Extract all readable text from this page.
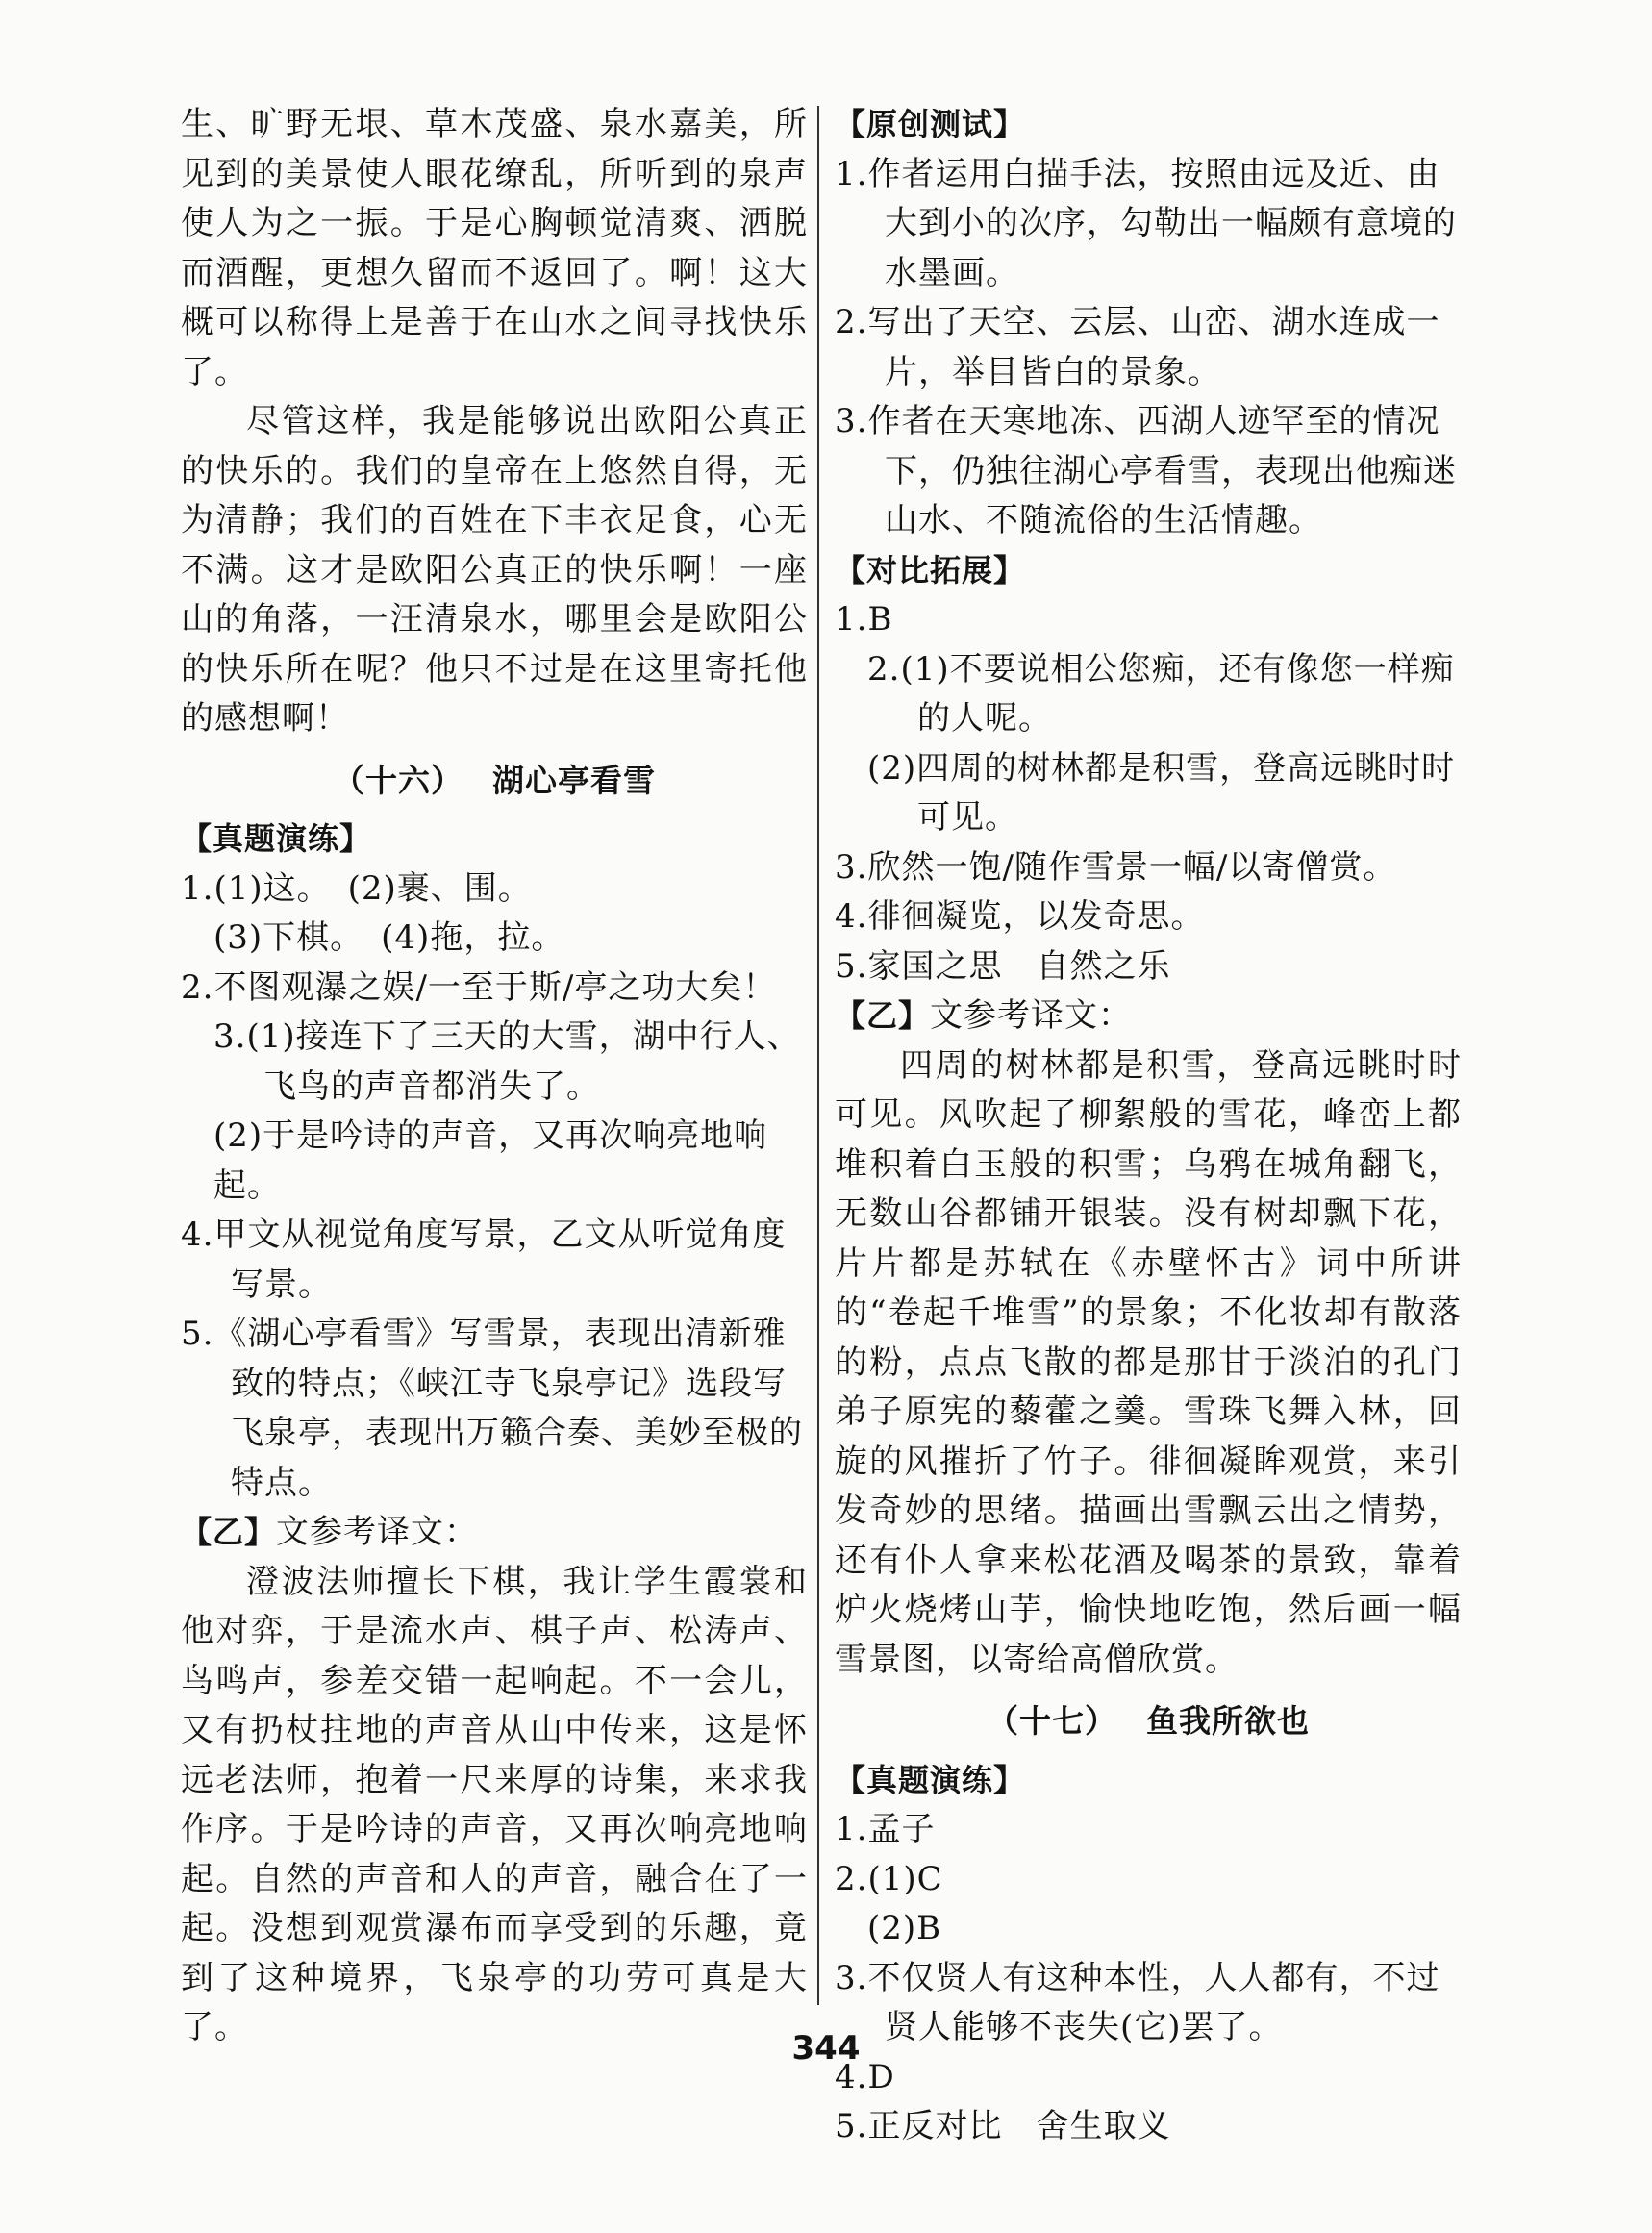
生、旷野无垠、草木茂盛、泉水嘉美，所见到的美景使人眼花缭乱，所听到的泉声使人为之一振。于是心胸顿觉清爽、洒脱而酒醒，更想久留而不返回了。啊！这大概可以称得上是善于在山水之间寻找快乐了。

尽管这样，我是能够说出欧阳公真正的快乐的。我们的皇帝在上悠然自得，无为清静；我们的百姓在下丰衣足食，心无不满。这才是欧阳公真正的快乐啊！一座山的角落，一汪清泉水，哪里会是欧阳公的快乐所在呢？他只不过是在这里寄托他的感想啊！

（十六） 湖心亭看雪
【真题演练】

1.(1)这。　(2)裹、围。

(3)下棋。　(4)拖，拉。

2.不图观瀑之娱/一至于斯/亭之功大矣！

3.(1)接连下了三天的大雪，湖中行人、飞鸟的声音都消失了。

(2)于是吟诗的声音，又再次响亮地响起。

4.甲文从视觉角度写景，乙文从听觉角度写景。

5.《湖心亭看雪》写雪景，表现出清新雅致的特点；《峡江寺飞泉亭记》选段写飞泉亭，表现出万籁合奏、美妙至极的特点。

【乙】文参考译文：

澄波法师擅长下棋，我让学生霞裳和他对弈，于是流水声、棋子声、松涛声、鸟鸣声，参差交错一起响起。不一会儿，又有扔杖拄地的声音从山中传来，这是怀远老法师，抱着一尺来厚的诗集，来求我作序。于是吟诗的声音，又再次响亮地响起。自然的声音和人的声音，融合在了一起。没想到观赏瀑布而享受到的乐趣，竟到了这种境界，飞泉亭的功劳可真是大了。

【原创测试】

1.作者运用白描手法，按照由远及近、由大到小的次序，勾勒出一幅颇有意境的水墨画。

2.写出了天空、云层、山峦、湖水连成一片，举目皆白的景象。

3.作者在天寒地冻、西湖人迹罕至的情况下，仍独往湖心亭看雪，表现出他痴迷山水、不随流俗的生活情趣。

【对比拓展】

1.B

2.(1)不要说相公您痴，还有像您一样痴的人呢。

(2)四周的树林都是积雪，登高远眺时时可见。

3.欣然一饱/随作雪景一幅/以寄僧赏。

4.徘徊凝览，以发奇思。

5.家国之思　自然之乐

【乙】文参考译文：

四周的树林都是积雪，登高远眺时时可见。风吹起了柳絮般的雪花，峰峦上都堆积着白玉般的积雪；乌鸦在城角翻飞，无数山谷都铺开银装。没有树却飘下花，片片都是苏轼在《赤壁怀古》词中所讲的“卷起千堆雪”的景象；不化妆却有散落的粉，点点飞散的都是那甘于淡泊的孔门弟子原宪的藜藿之羹。雪珠飞舞入林，回旋的风摧折了竹子。徘徊凝眸观赏，来引发奇妙的思绪。描画出雪飘云出之情势，还有仆人拿来松花酒及喝茶的景致，靠着炉火烧烤山芋，愉快地吃饱，然后画一幅雪景图，以寄给高僧欣赏。

（十七） 鱼我所欲也
【真题演练】

1.孟子

2.(1)C

(2)B

3.不仅贤人有这种本性，人人都有，不过贤人能够不丧失(它)罢了。

4.D

5.正反对比　舍生取义

344
